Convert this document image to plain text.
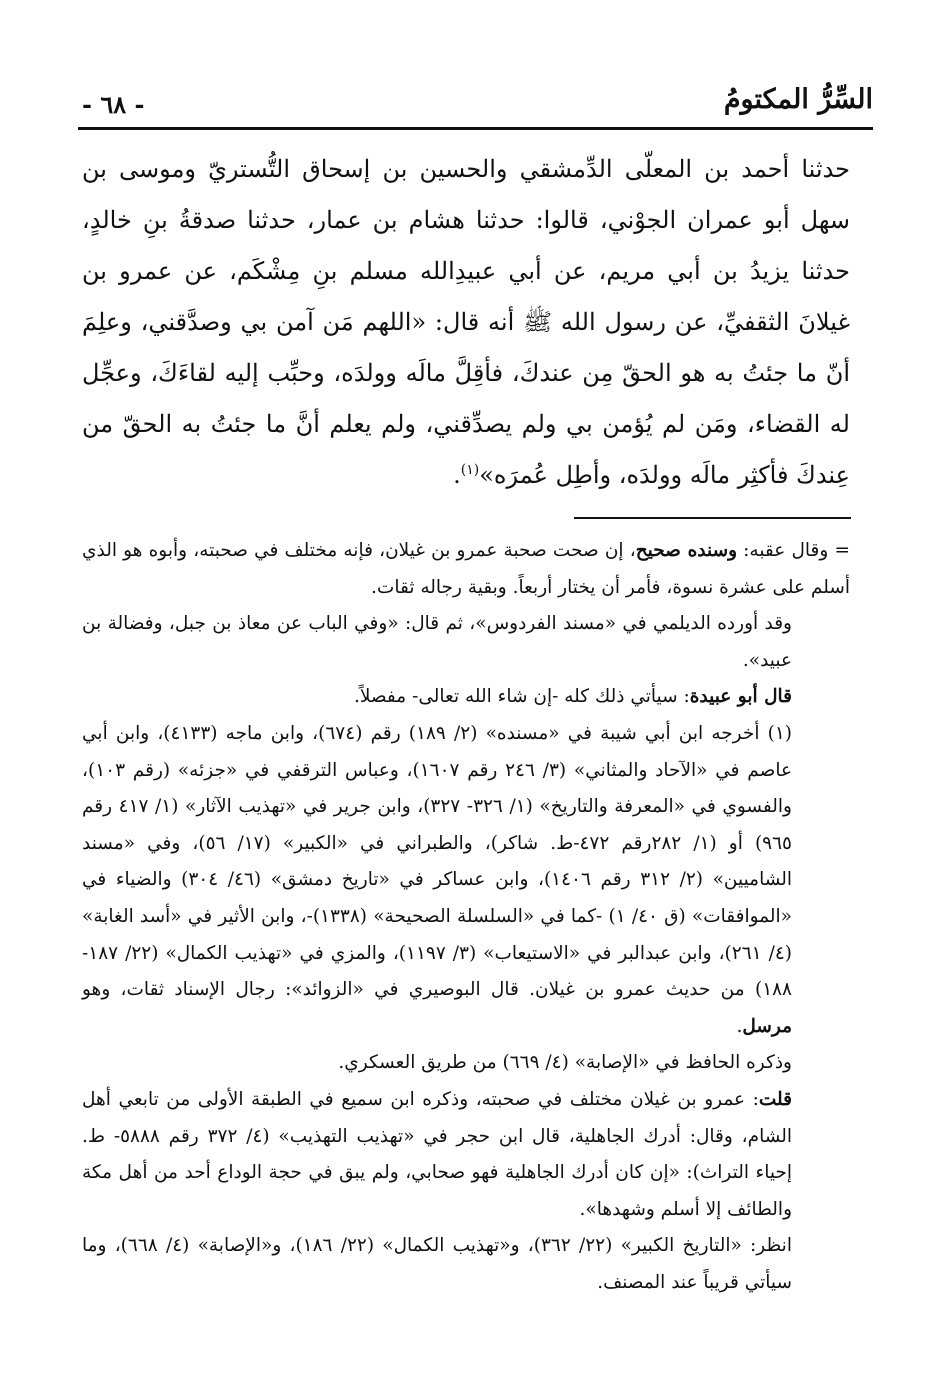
السِّرُّ المكتومُ
- ٦٨ -

حدثنا أحمد بن المعلّى الدِّمشقي والحسين بن إسحاق التُّستريّ وموسى بن سهل أبو عمران الجوْني، قالوا: حدثنا هشام بن عمار، حدثنا صدقةُ بنِ خالدٍ، حدثنا يزيدُ بن أبي مريم، عن أبي عبيدِالله مسلم بنِ مِشْكَم، عن عمرو بن غيلانَ الثقفيِّ، عن رسول الله ﷺ أنه قال: «اللهم مَن آمن بي وصدَّقني، وعلِمَ أنّ ما جئتُ به هو الحقّ مِن عندكَ، فأقِلَّ مالَه وولدَه، وحبِّب إليه لقاءَكَ، وعجِّل له القضاء، ومَن لم يُؤمن بي ولم يصدِّقني، ولم يعلم أنَّ ما جئتُ به الحقّ من عِندكَ فأكثِر مالَه وولدَه، وأطِل عُمرَه»$^{(١)}$.

= وقال عقبه: وسنده صحيح، إن صحت صحبة عمرو بن غيلان، فإنه مختلف في صحبته، وأبوه هو الذي أسلم على عشرة نسوة، فأمر أن يختار أربعاً. وبقية رجاله ثقات.

وقد أورده الديلمي في «مسند الفردوس»، ثم قال: «وفي الباب عن معاذ بن جبل، وفضالة بن عبيد».

قال أبو عبيدة: سيأتي ذلك كله -إن شاء الله تعالى- مفصلاً.

(١) أخرجه ابن أبي شيبة في «مسنده» (٢/ ١٨٩) رقم (٦٧٤)، وابن ماجه (٤١٣٣)، وابن أبي عاصم في «الآحاد والمثاني» (٣/ ٢٤٦ رقم ١٦٠٧)، وعباس الترقفي في «جزئه» (رقم ١٠٣)، والفسوي في «المعرفة والتاريخ» (١/ ٣٢٦- ٣٢٧)، وابن جرير في «تهذيب الآثار» (١/ ٤١٧ رقم ٩٦٥) أو (١/ ٢٨٢رقم ٤٧٢-ط. شاكر)، والطبراني في «الكبير» (١٧/ ٥٦)، وفي «مسند الشاميين» (٢/ ٣١٢ رقم ١٤٠٦)، وابن عساكر في «تاريخ دمشق» (٤٦/ ٣٠٤) والضياء في «الموافقات» (ق ٤٠/ ١) -كما في «السلسلة الصحيحة» (١٣٣٨)-، وابن الأثير في «أسد الغابة» (٤/ ٢٦١)، وابن عبدالبر في «الاستيعاب» (٣/ ١١٩٧)، والمزي في «تهذيب الكمال» (٢٢/ ١٨٧- ١٨٨) من حديث عمرو بن غيلان. قال البوصيري في «الزوائد»: رجال الإسناد ثقات، وهو مرسل.

وذكره الحافظ في «الإصابة» (٤/ ٦٦٩) من طريق العسكري.

قلت: عمرو بن غيلان مختلف في صحبته، وذكره ابن سميع في الطبقة الأولى من تابعي أهل الشام، وقال: أدرك الجاهلية، قال ابن حجر في «تهذيب التهذيب» (٤/ ٣٧٢ رقم ٥٨٨٨- ط. إحياء التراث): «إن كان أدرك الجاهلية فهو صحابي، ولم يبق في حجة الوداع أحد من أهل مكة والطائف إلا أسلم وشهدها».

انظر: «التاريخ الكبير» (٢٢/ ٣٦٢)، و«تهذيب الكمال» (٢٢/ ١٨٦)، و«الإصابة» (٤/ ٦٦٨)، وما سيأتي قريباً عند المصنف.
